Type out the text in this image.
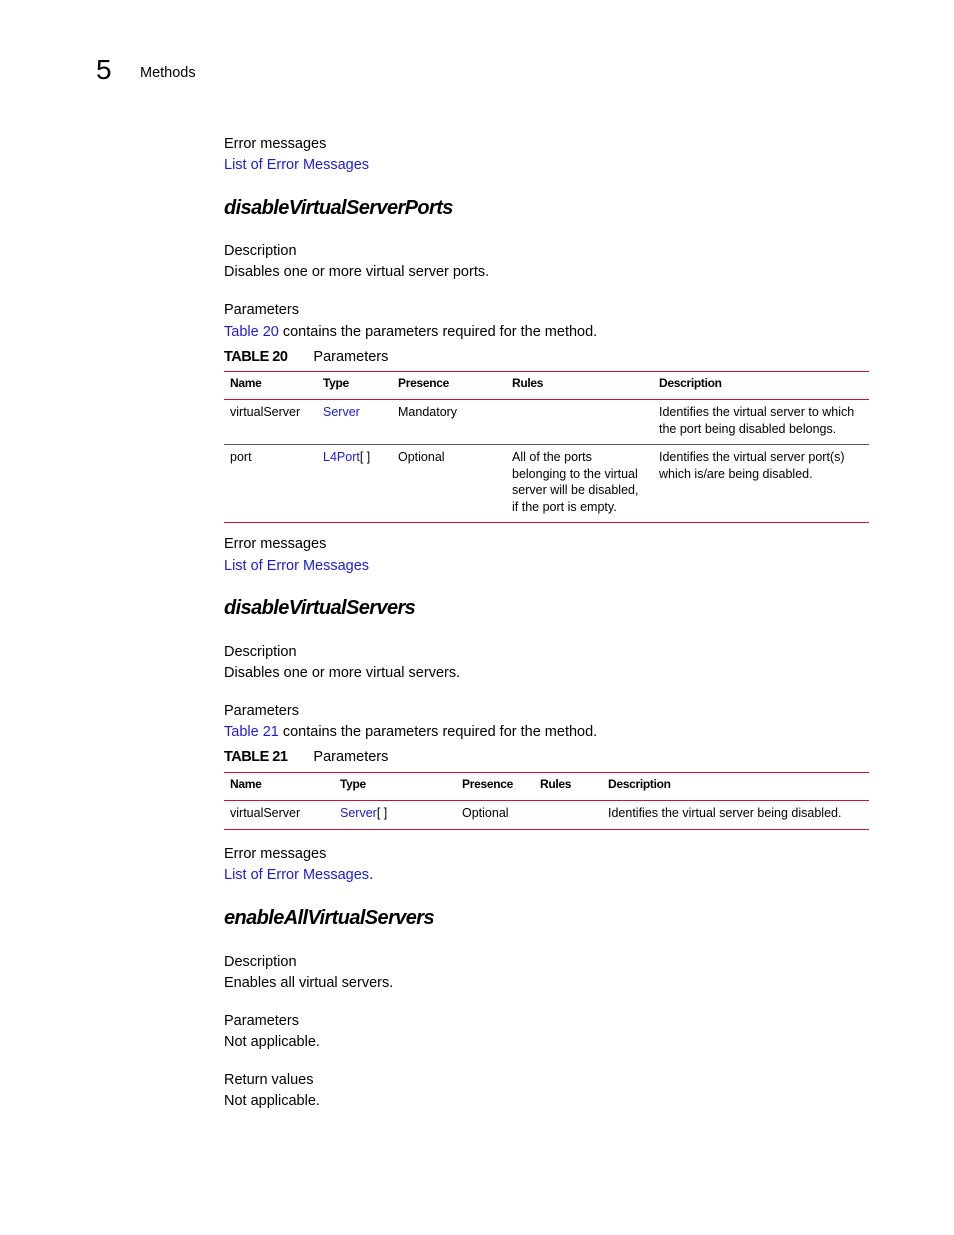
5 Methods
Error messages
List of Error Messages
disableVirtualServerPorts
Description
Disables one or more virtual server ports.
Parameters
Table 20 contains the parameters required for the method.
TABLE 20 Parameters
Name	Type	Presence	Rules	Description
virtualServer	Server	Mandatory		Identifies the virtual server to which the port being disabled belongs.
port	L4Port[ ]	Optional	All of the ports belonging to the virtual server will be disabled, if the port is empty.	Identifies the virtual server port(s) which is/are being disabled.
Error messages
List of Error Messages
disableVirtualServers
Description
Disables one or more virtual servers.
Parameters
Table 21 contains the parameters required for the method.
TABLE 21 Parameters
Name	Type	Presence	Rules	Description
virtualServer	Server[ ]	Optional		Identifies the virtual server being disabled.
Error messages
List of Error Messages.
enableAllVirtualServers
Description
Enables all virtual servers.
Parameters
Not applicable.
Return values
Not applicable.
